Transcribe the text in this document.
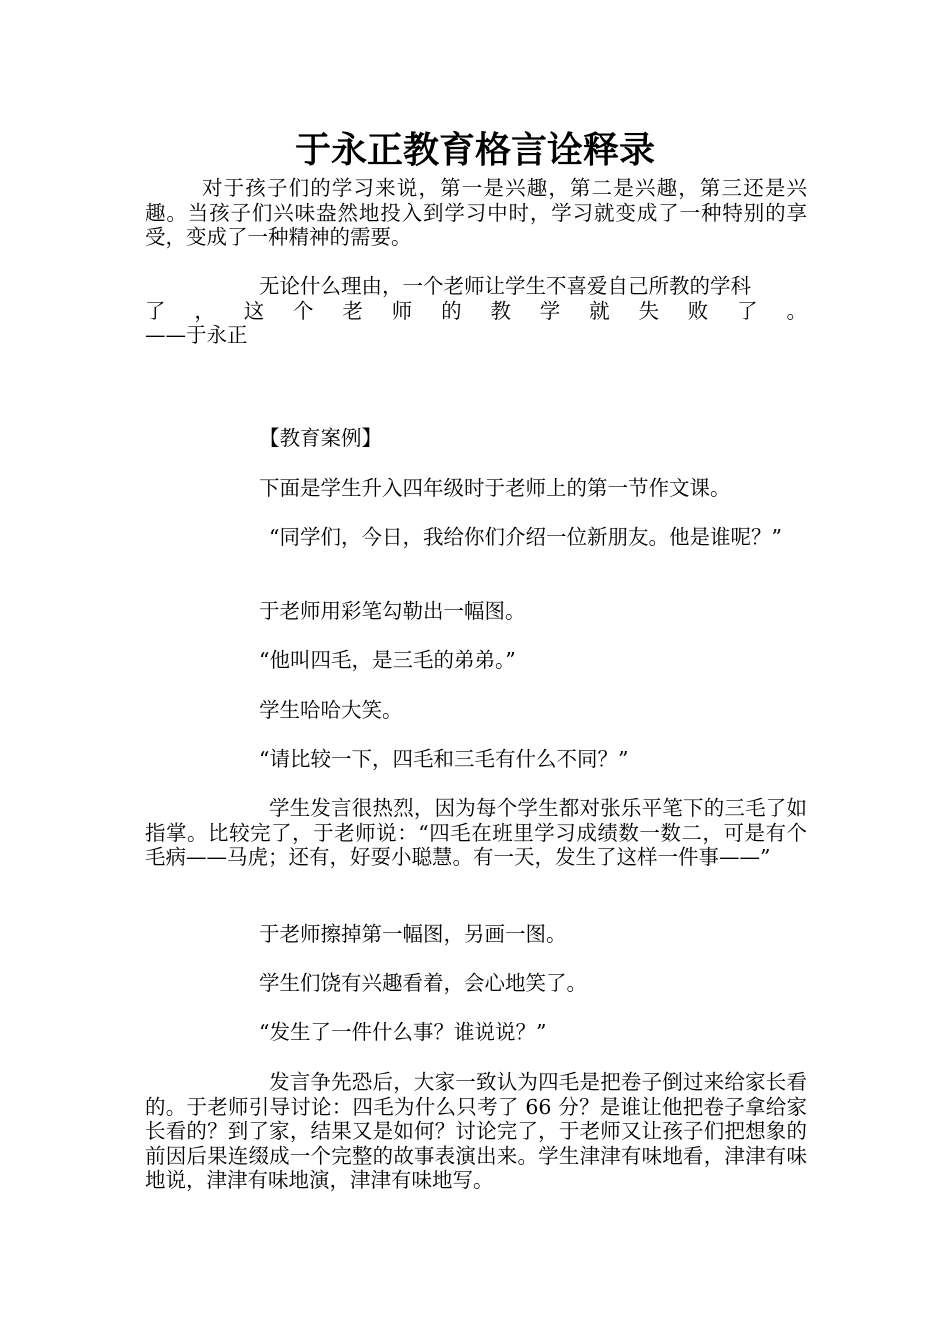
于永正教育格言诠释录

对于孩子们的学习来说，第一是兴趣，第二是兴趣，第三还是兴趣。当孩子们兴味盎然地投入到学习中时，学习就变成了一种特别的享受，变成了一种精神的需要。

无论什么理由，一个老师让学生不喜爱自己所教的学科
了 ， 这 个 老 师 的 教 学 就 失 败 了 。
——于永正

【教育案例】

下面是学生升入四年级时于老师上的第一节作文课。

“同学们，今日，我给你们介绍一位新朋友。他是谁呢？”

于老师用彩笔勾勒出一幅图。

“他叫四毛，是三毛的弟弟。”

学生哈哈大笑。

“请比较一下，四毛和三毛有什么不同？”

学生发言很热烈，因为每个学生都对张乐平笔下的三毛了如指掌。比较完了，于老师说：“四毛在班里学习成绩数一数二，可是有个毛病——马虎；还有，好耍小聪慧。有一天，发生了这样一件事——”

于老师擦掉第一幅图，另画一图。

学生们饶有兴趣看着，会心地笑了。

“发生了一件什么事？谁说说？”

发言争先恐后，大家一致认为四毛是把卷子倒过来给家长看的。于老师引导讨论：四毛为什么只考了 66 分？是谁让他把卷子拿给家长看的？到了家，结果又是如何？讨论完了，于老师又让孩子们把想象的前因后果连缀成一个完整的故事表演出来。学生津津有味地看，津津有味地说，津津有味地演，津津有味地写。
